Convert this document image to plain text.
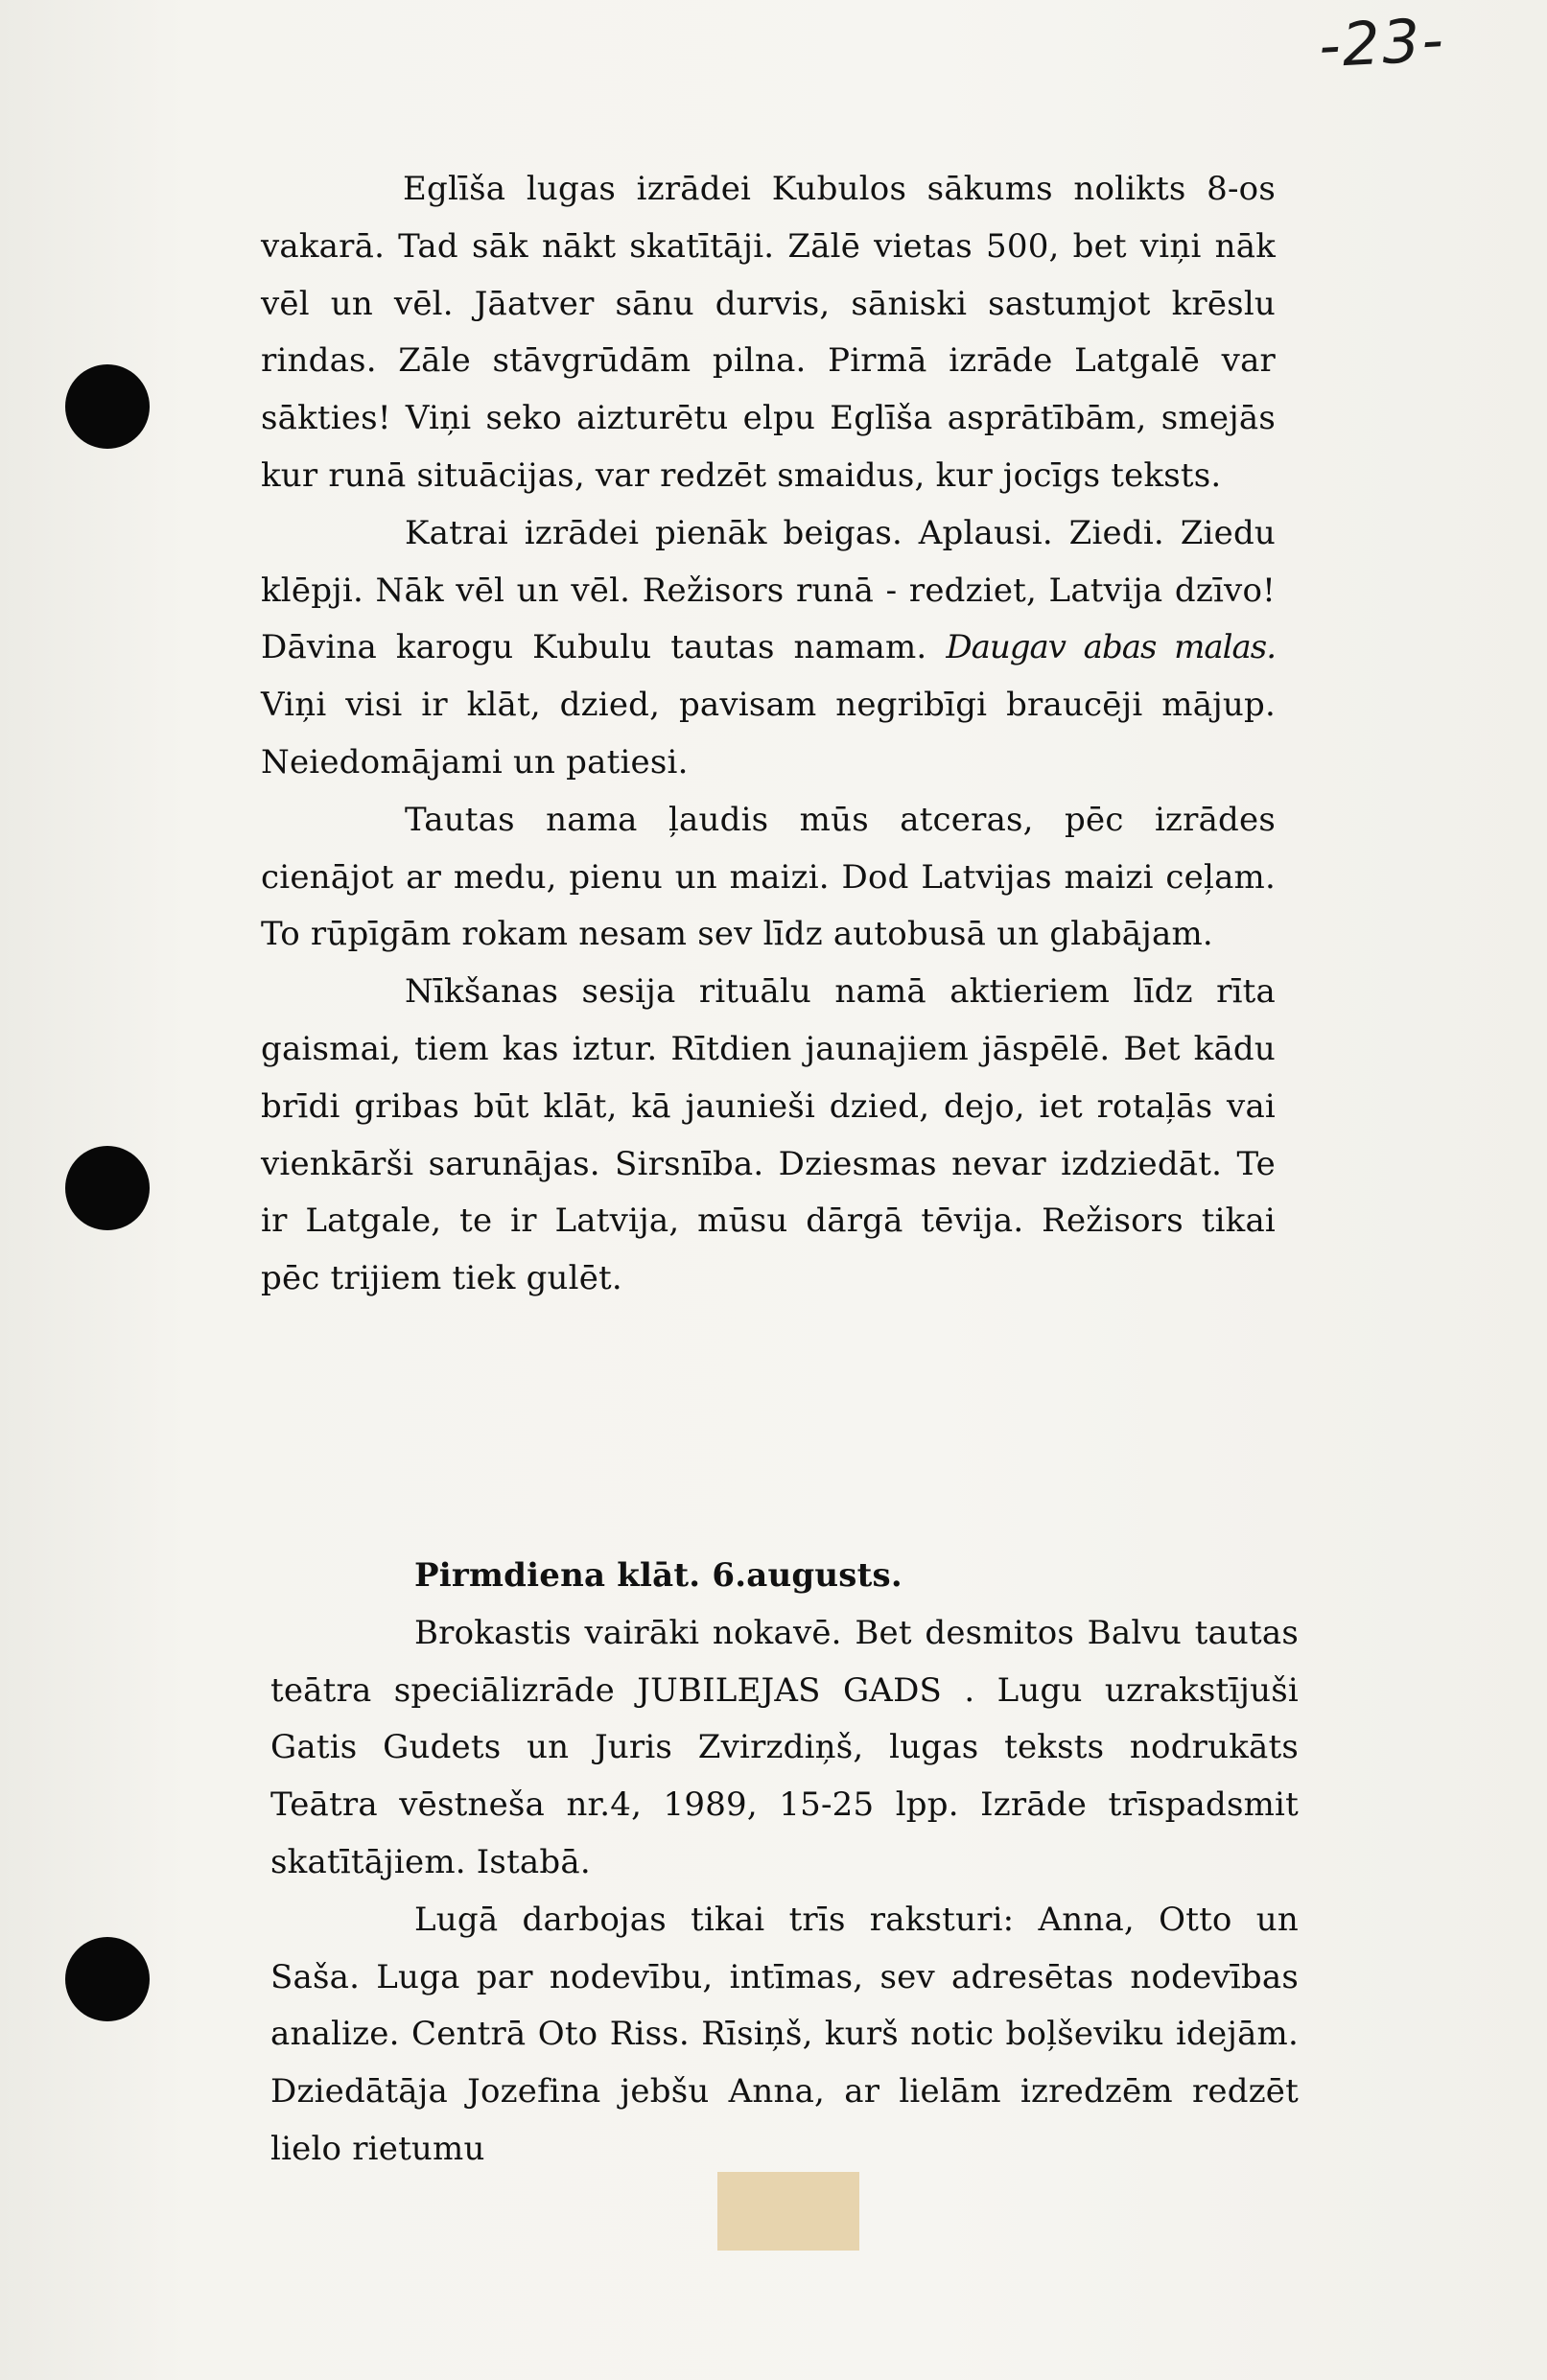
-23-

Eglīša lugas izrādei Kubulos sākums nolikts 8-os vakarā. Tad sāk nākt skatītāji. Zālē vietas 500, bet viņi nāk vēl un vēl. Jāatver sānu durvis, sāniski sastumjot krēslu rindas. Zāle stāvgrūdām pilna. Pirmā izrāde Latgalē var sākties! Viņi seko aizturētu elpu Eglīša asprātībām, smejās kur runā situācijas, var redzēt smaidus, kur jocīgs teksts.

Katrai izrādei pienāk beigas. Aplausi. Ziedi. Ziedu klēpji. Nāk vēl un vēl. Režisors runā - redziet, Latvija dzīvo! Dāvina karogu Kubulu tautas namam. Daugav abas malas. Viņi visi ir klāt, dzied, pavisam negribīgi braucēji mājup. Neiedomājami un patiesi.

Tautas nama ļaudis mūs atceras, pēc izrādes cienājot ar medu, pienu un maizi. Dod Latvijas maizi ceļam. To rūpīgām rokam nesam sev līdz autobusā un glabājam.

Nīkšanas sesija rituālu namā aktieriem līdz rīta gaismai, tiem kas iztur. Rītdien jaunajiem jāspēlē. Bet kādu brīdi gribas būt klāt, kā jaunieši dzied, dejo, iet rotaļās vai vienkārši sarunājas. Sirsnība. Dziesmas nevar izdziedāt. Te ir Latgale, te ir Latvija, mūsu dārgā tēvija. Režisors tikai pēc trijiem tiek gulēt.

Pirmdiena klāt. 6.augusts.

Brokastis vairāki nokavē. Bet desmitos Balvu tautas teātra speciālizrāde JUBILEJAS GADS . Lugu uzrakstījuši Gatis Gudets un Juris Zvirzdiņš, lugas teksts nodrukāts Teātra vēstneša nr.4, 1989, 15-25 lpp. Izrāde trīspadsmit skatītājiem. Istabā.

Lugā darbojas tikai trīs raksturi: Anna, Otto un Saša. Luga par nodevību, intīmas, sev adresētas nodevības analize. Centrā Oto Riss. Rīsiņš, kurš notic boļševiku idejām. Dziedātāja Jozefina jebšu Anna, ar lielām izredzēm redzēt lielo rietumu
